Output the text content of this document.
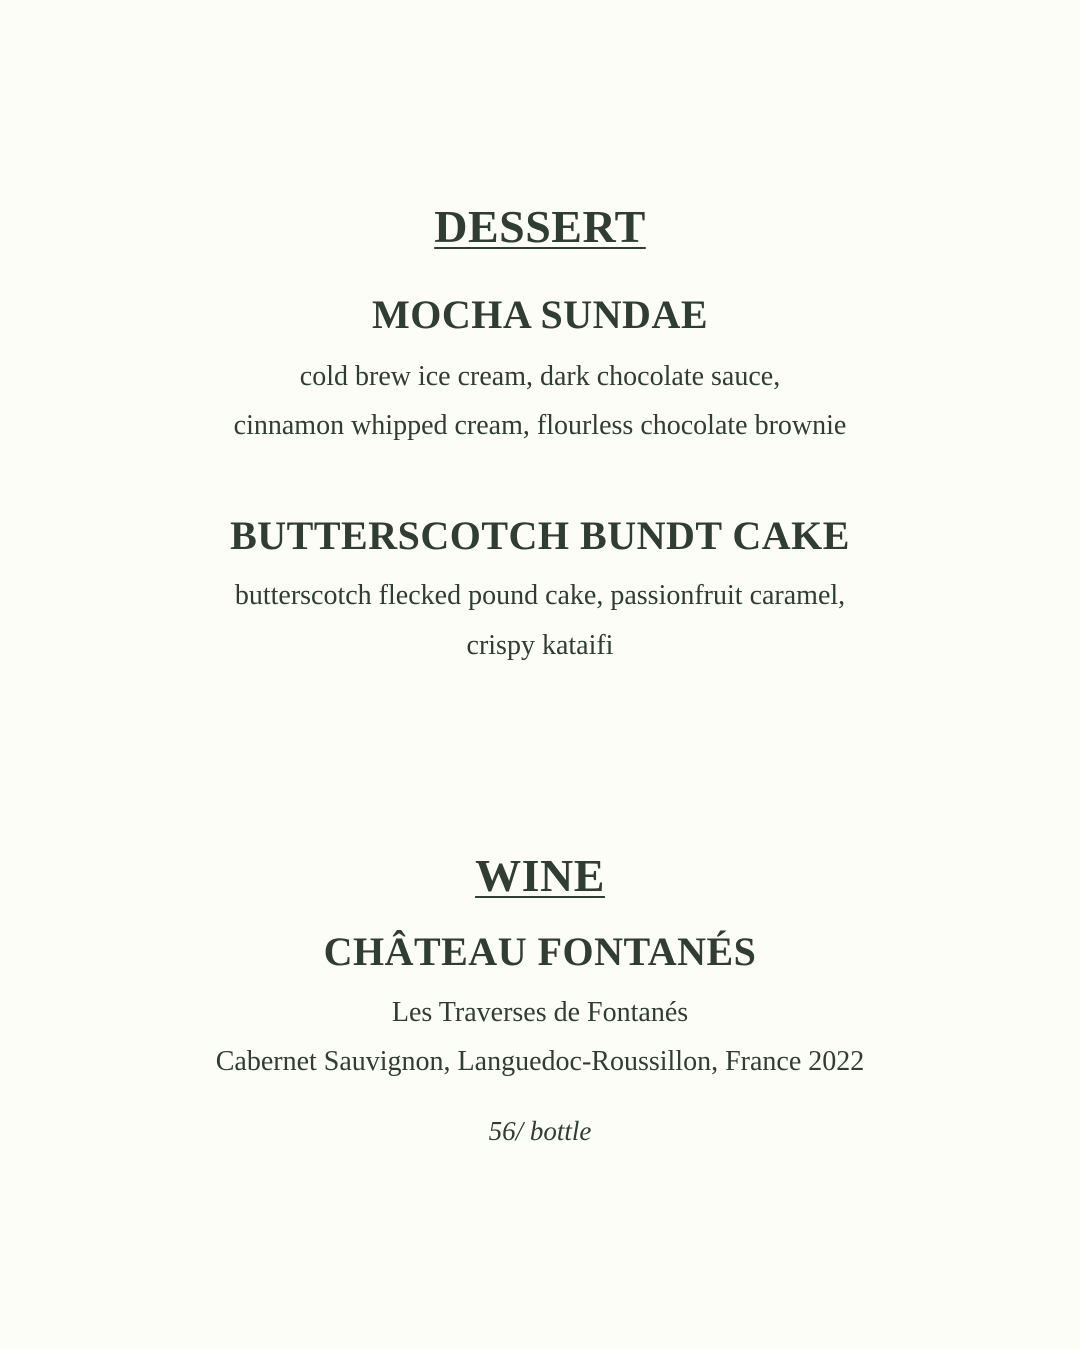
DESSERT
MOCHA SUNDAE

cold brew ice cream, dark chocolate sauce,

cinnamon whipped cream, flourless chocolate brownie

BUTTERSCOTCH BUNDT CAKE

butterscotch flecked pound cake, passionfruit caramel,

crispy kataifi

WINE
CHÂTEAU FONTANÉS

Les Traverses de Fontanés

Cabernet Sauvignon, Languedoc-Roussillon, France 2022

56/ bottle
